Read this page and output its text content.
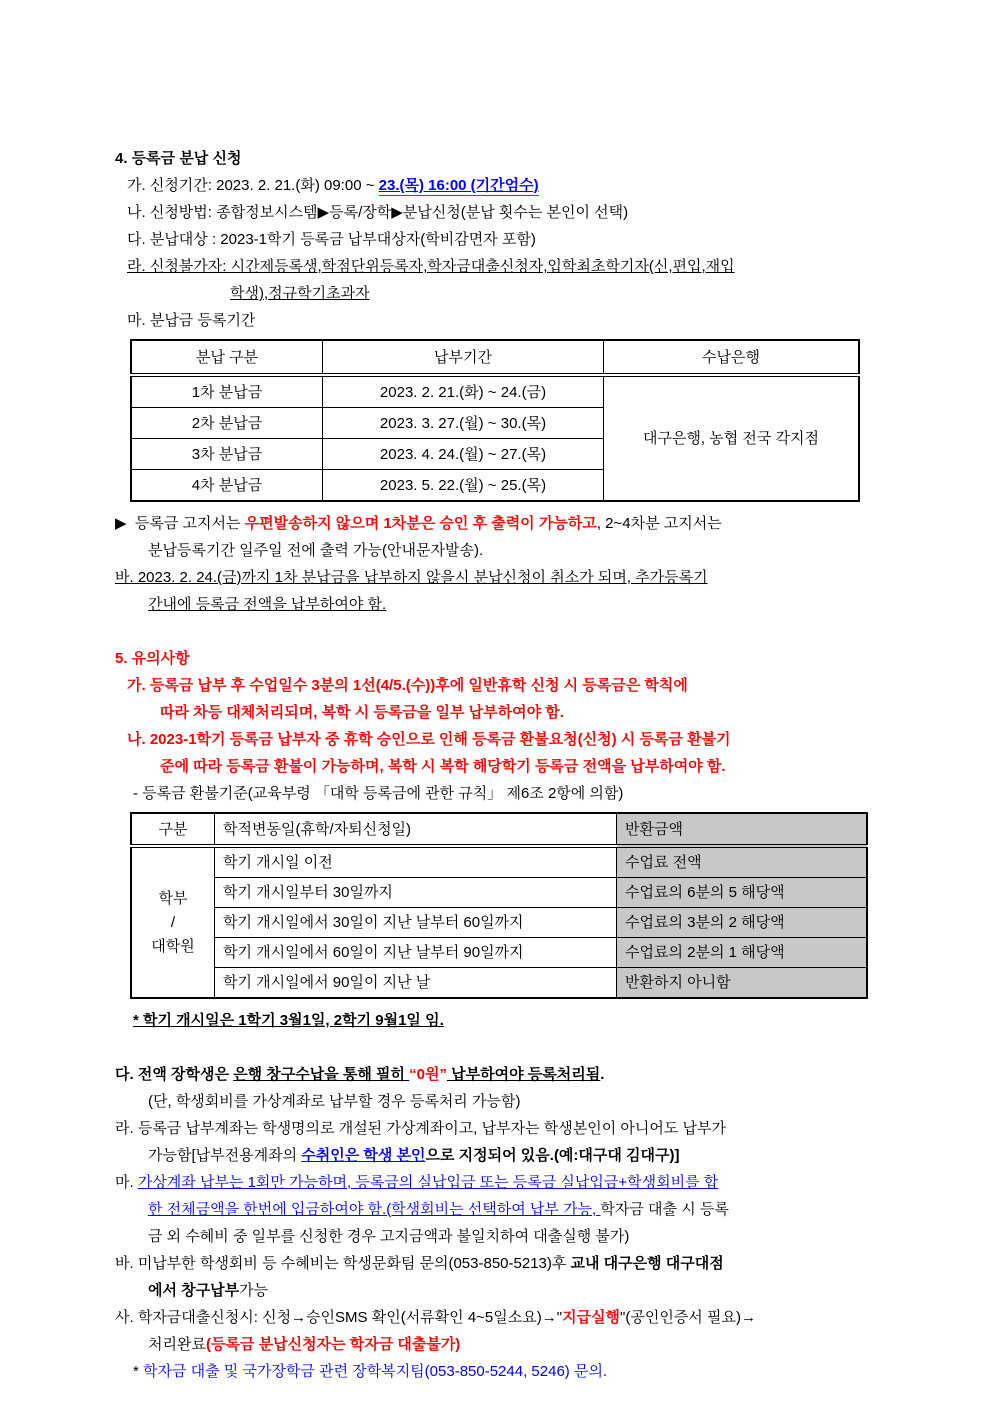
4. 등록금 분납 신청
가. 신청기간: 2023. 2. 21.(화) 09:00 ~ 23.(목) 16:00 (기간엄수)
나. 신청방법: 종합정보시스템▶등록/장학▶분납신청(분납 횟수는 본인이 선택)
다. 분납대상 : 2023-1학기 등록금 납부대상자(학비감면자 포함)
라. 신청불가자: 시간제등록생,학점단위등록자,학자금대출신청자,입학최초학기자(신,편입,재입
학생),정규학기초과자
마. 분납금 등록기간
분납 구분	납부기간	수납은행
1차 분납금	2023. 2. 21.(화) ~ 24.(금)	대구은행, 농협 전국 각지점
2차 분납금	2023. 3. 27.(월) ~ 30.(목)	
3차 분납금	2023. 4. 24.(월) ~ 27.(목)	
4차 분납금	2023. 5. 22.(월) ~ 25.(목)	
▶ 등록금 고지서는 우편발송하지 않으며 1차분은 승인 후 출력이 가능하고, 2~4차분 고지서는
분납등록기간 일주일 전에 출력 가능(안내문자발송).
바. 2023. 2. 24.(금)까지 1차 분납금을 납부하지 않을시 분납신청이 취소가 되며, 추가등록기
간내에 등록금 전액을 납부하여야 함.
5. 유의사항
가. 등록금 납부 후 수업일수 3분의 1선(4/5.(수))후에 일반휴학 신청 시 등록금은 학칙에
따라 차등 대체처리되며, 복학 시 등록금을 일부 납부하여야 함.
나. 2023-1학기 등록금 납부자 중 휴학 승인으로 인해 등록금 환불요청(신청) 시 등록금 환불기
준에 따라 등록금 환불이 가능하며, 복학 시 복학 해당학기 등록금 전액을 납부하여야 함.
- 등록금 환불기준(교육부령 「대학 등록금에 관한 규칙」 제6조 2항에 의함)
구분	학적변동일(휴학/자퇴신청일)	반환금액

학부
/
대학원	학기 개시일 이전	수업료 전액
	학기 개시일부터 30일까지	수업료의 6분의 5 해당액
	학기 개시일에서 30일이 지난 날부터 60일까지	수업료의 3분의 2 해당액
	학기 개시일에서 60일이 지난 날부터 90일까지	수업료의 2분의 1 해당액
	학기 개시일에서 90일이 지난 날	반환하지 아니함
* 학기 개시일은 1학기 3월1일, 2학기 9월1일 임.
다. 전액 장학생은 은행 창구수납을 통해 필히 “0원” 납부하여야 등록처리됨.
(단, 학생회비를 가상계좌로 납부할 경우 등록처리 가능함)
라. 등록금 납부계좌는 학생명의로 개설된 가상계좌이고, 납부자는 학생본인이 아니어도 납부가
가능함[납부전용계좌의 수취인은 학생 본인으로 지정되어 있음.(예:대구대 김대구)]
마. 가상계좌 납부는 1회만 가능하며, 등록금의 실납입금 또는 등록금 실납입금+학생회비를 합
한 전체금액을 한번에 입금하여야 함.(학생회비는 선택하여 납부 가능, 학자금 대출 시 등록
금 외 수혜비 중 일부를 신청한 경우 고지금액과 불일치하여 대출실행 불가)
바. 미납부한 학생회비 등 수혜비는 학생문화팀 문의(053-850-5213)후 교내 대구은행 대구대점
에서 창구납부가능
사. 학자금대출신청시: 신청→승인SMS 확인(서류확인 4~5일소요)→"지급실행"(공인인증서 필요)→
처리완료(등록금 분납신청자는 학자금 대출불가)
* 학자금 대출 및 국가장학금 관련 장학복지팀(053-850-5244, 5246) 문의.
